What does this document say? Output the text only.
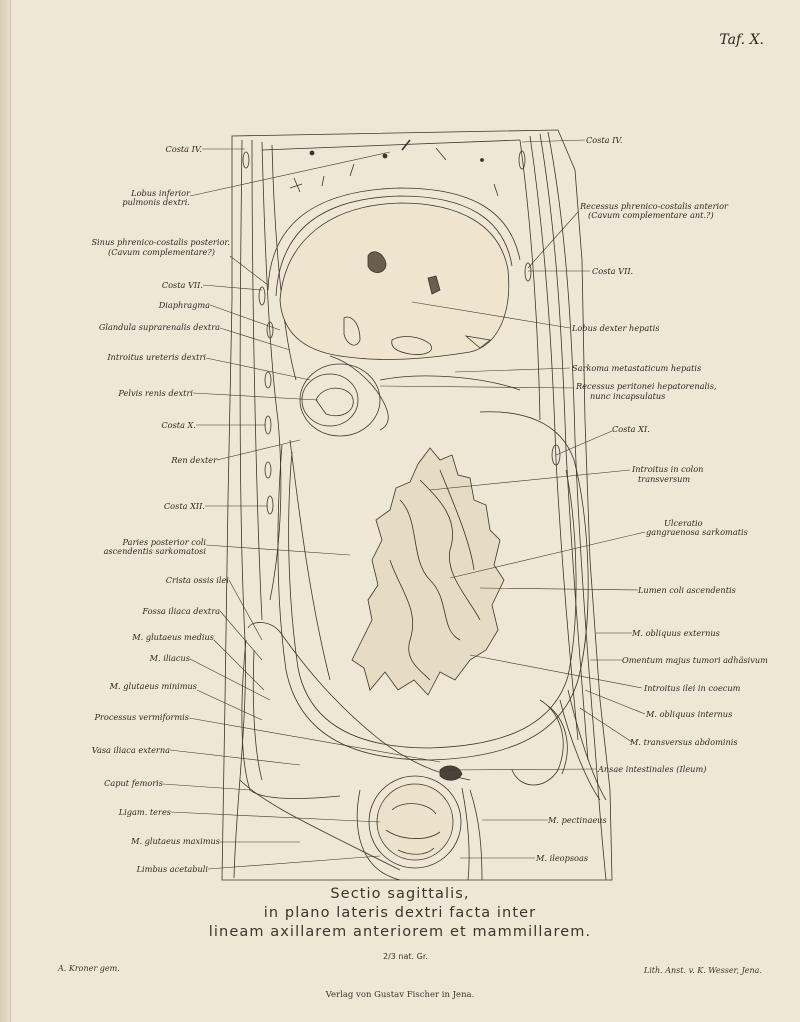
Taf. X.
Costa IV.
Lobus inferior
pulmonis dextri.
Sinus phrenico-costalis posterior.
(Cavum complementare?)
Costa VII.
Diaphragma
Glandula suprarenalis dextra
Introitus ureteris dextri
Pelvis renis dextri
Costa X.
Ren dexter
Costa XII.
Paries posterior coli
ascendentis sarkomatosi
Crista ossis ilei
Fossa iliaca dextra
M. glutaeus medius
M. iliacus
M. glutaeus minimus
Processus vermiformis
Vasa iliaca externa
Caput femoris
Ligam. teres
M. glutaeus maximus
Limbus acetabuli
Costa IV.
Recessus phrenico-costalis anterior
(Cavum complementare ant.?)
Costa VII.
Lobus dexter hepatis
Sarkoma metastaticum hepatis
Recessus peritonei hepatorenalis,
nunc incapsulatus
Costa XI.
Introitus in colon
transversum
Ulceratio
gangraenosa sarkomatis
Lumen coli ascendentis
M. obliquus externus
Omentum majus tumori adhäsivum
Introitus ilei in coecum
M. obliquus internus
M. transversus abdominis
Ansae intestinales (Ileum)
M. pectinaeus
M. ileopsoas
Sectio sagittalis,
in plano lateris dextri facta inter
lineam axillarem anteriorem et mammillarem.
2/3 nat. Gr.
A. Kroner gem.	Lith. Anst. v. K. Wesser, Jena.
Verlag von Gustav Fischer in Jena.
